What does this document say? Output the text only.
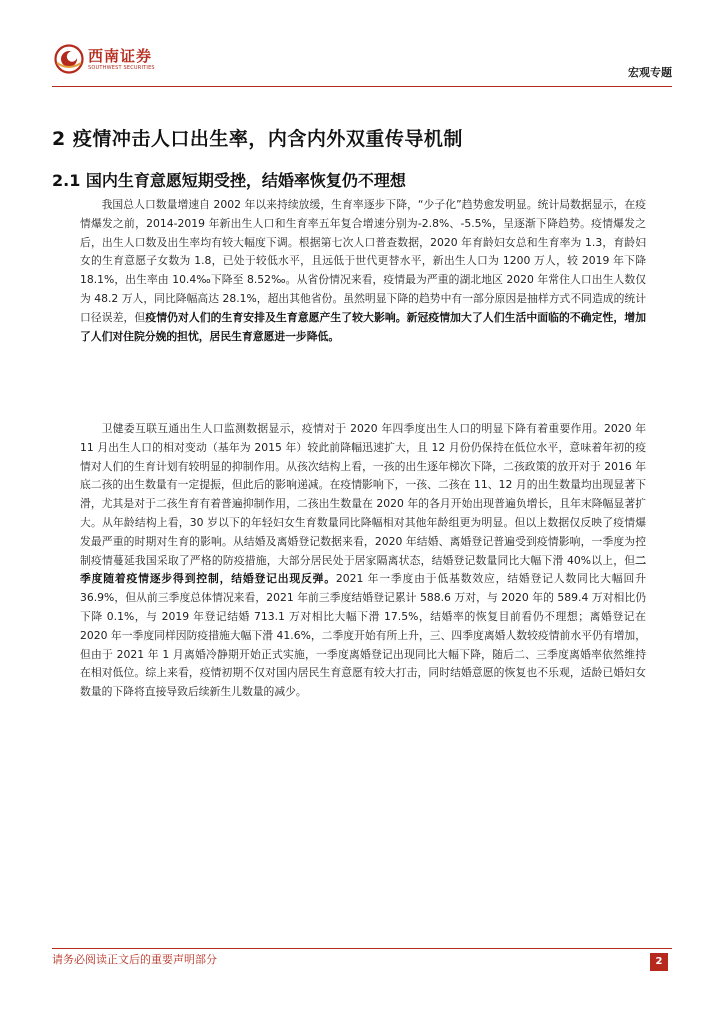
西南证券
SOUTHWEST SECURITIES	宏观专题
2 疫情冲击人口出生率，内含内外双重传导机制
2.1 国内生育意愿短期受挫，结婚率恢复仍不理想

我国总人口数量增速自 2002 年以来持续放缓，生育率逐步下降，“少子化”趋势愈发明显。统计局数据显示，在疫情爆发之前，2014-2019 年新出生人口和生育率五年复合增速分别为-2.8%、-5.5%，呈逐渐下降趋势。疫情爆发之后，出生人口数及出生率均有较大幅度下调。根据第七次人口普查数据，2020 年育龄妇女总和生育率为 1.3，育龄妇女的生育意愿子女数为 1.8，已处于较低水平，且远低于世代更替水平，新出生人口为 1200 万人，较 2019 年下降 18.1%，出生率由 10.4‰下降至 8.52‰。从省份情况来看，疫情最为严重的湖北地区 2020 年常住人口出生人数仅为 48.2 万人，同比降幅高达 28.1%，超出其他省份。虽然明显下降的趋势中有一部分原因是抽样方式不同造成的统计口径误差，但疫情仍对人们的生育安排及生育意愿产生了较大影响。新冠疫情加大了人们生活中面临的不确定性，增加了人们对住院分娩的担忧，居民生育意愿进一步降低。

卫健委互联互通出生人口监测数据显示，疫情对于 2020 年四季度出生人口的明显下降有着重要作用。2020 年 11 月出生人口的相对变动（基年为 2015 年）较此前降幅迅速扩大，且 12 月份仍保持在低位水平，意味着年初的疫情对人们的生育计划有较明显的抑制作用。从孩次结构上看，一孩的出生逐年梯次下降，二孩政策的放开对于 2016 年底二孩的出生数量有一定提振，但此后的影响递减。在疫情影响下，一孩、二孩在 11、12 月的出生数量均出现显著下滑，尤其是对于二孩生育有着普遍抑制作用，二孩出生数量在 2020 年的各月开始出现普遍负增长，且年末降幅显著扩大。从年龄结构上看，30 岁以下的年轻妇女生育数量同比降幅相对其他年龄组更为明显。但以上数据仅反映了疫情爆发最严重的时期对生育的影响。从结婚及离婚登记数据来看，2020 年结婚、离婚登记普遍受到疫情影响，一季度为控制疫情蔓延我国采取了严格的防疫措施，大部分居民处于居家隔离状态，结婚登记数量同比大幅下滑 40%以上，但二季度随着疫情逐步得到控制，结婚登记出现反弹。2021 年一季度由于低基数效应，结婚登记人数同比大幅回升 36.9%，但从前三季度总体情况来看，2021 年前三季度结婚登记累计 588.6 万对，与 2020 年的 589.4 万对相比仍下降 0.1%，与 2019 年登记结婚 713.1 万对相比大幅下滑 17.5%，结婚率的恢复目前看仍不理想；离婚登记在 2020 年一季度同样因防疫措施大幅下滑 41.6%，二季度开始有所上升，三、四季度离婚人数较疫情前水平仍有增加，但由于 2021 年 1 月离婚冷静期开始正式实施，一季度离婚登记出现同比大幅下降，随后二、三季度离婚率依然维持在相对低位。综上来看，疫情初期不仅对国内居民生育意愿有较大打击，同时结婚意愿的恢复也不乐观，适龄已婚妇女数量的下降将直接导致后续新生儿数量的减少。

请务必阅读正文后的重要声明部分	2
